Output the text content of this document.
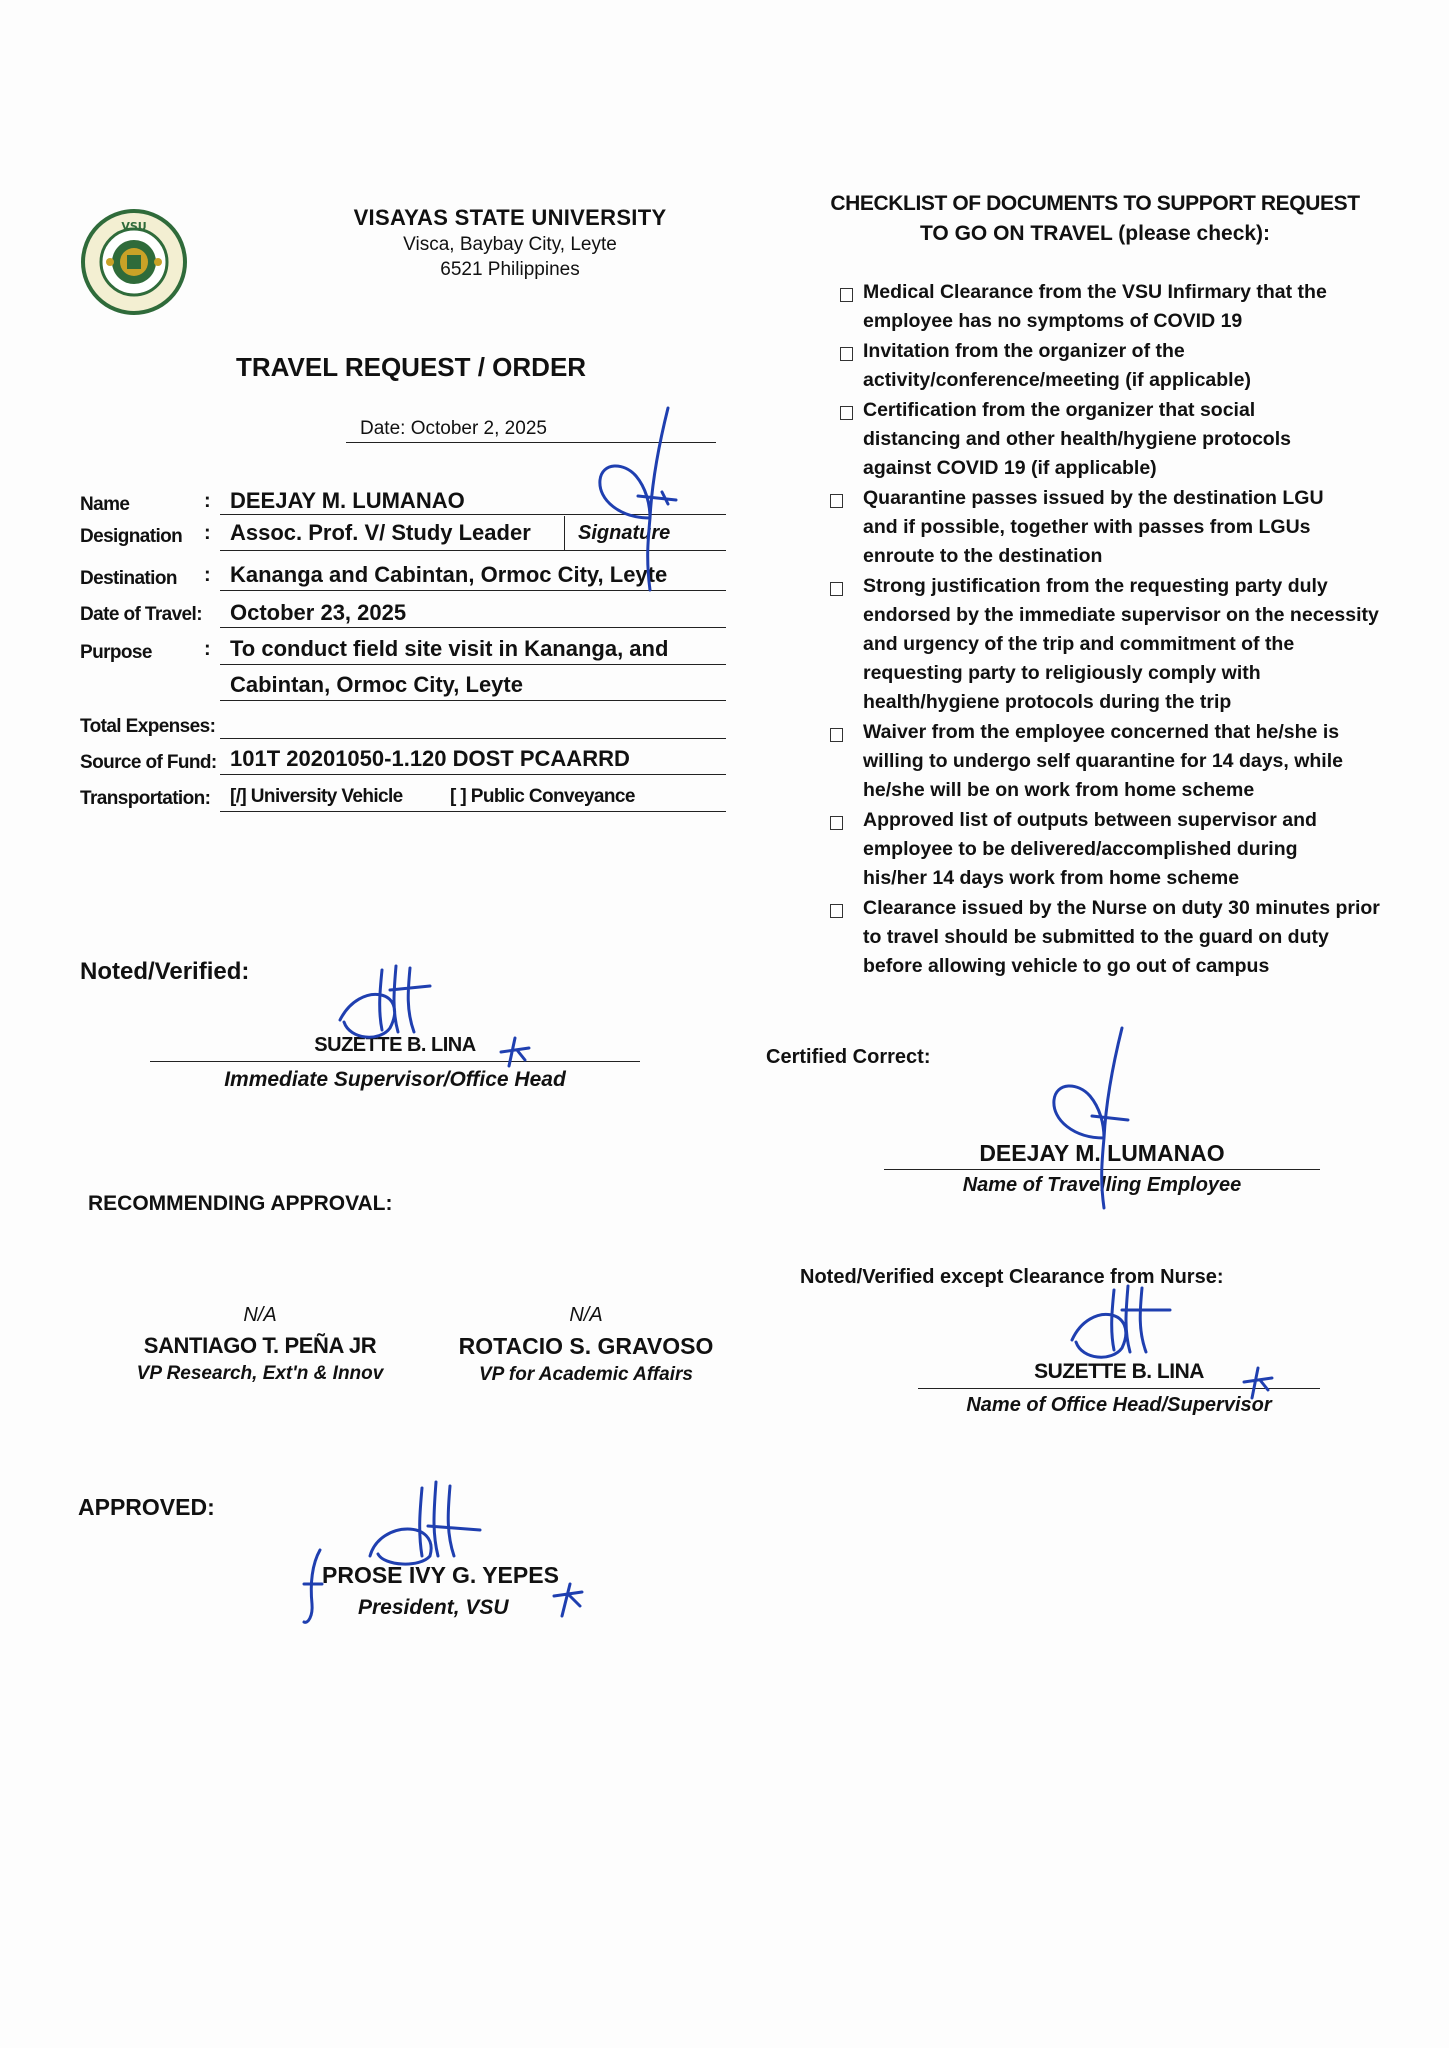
VSU	VISAYAS STATE UNIVERSITY
Visca, Baybay City, Leyte
6521 Philippines
TRAVEL REQUEST / ORDER
Date: October 2, 2025
Name	: DEEJAY M. LUMANAO
Designation : Assoc. Prof. V/ Study Leader Signature
Destination : Kananga and Cabintan, Ormoc City, Leyte
Date of Travel: October 23, 2025
Purpose	: To conduct field site visit in Kananga, and
Cabintan, Ormoc City, Leyte
Total Expenses:
Source of Fund: 101T 20201050-1.120 DOST PCAARRD
Transportation: [/] University Vehicle [ ] Public Conveyance
Noted/Verified:
SUZETTE B. LINA
Immediate Supervisor/Office Head
RECOMMENDING APPROVAL:
N/A
SANTIAGO T. PEÑA JR
VP Research, Ext'n & Innov
N/A
ROTACIO S. GRAVOSO
VP for Academic Affairs
APPROVED:
PROSE IVY G. YEPES
President, VSU
CHECKLIST OF DOCUMENTS TO SUPPORT REQUEST
TO GO ON TRAVEL (please check):
Medical Clearance from the VSU Infirmary that the employee has no symptoms of COVID 19
Invitation from the organizer of the activity/conference/meeting (if applicable)
Certification from the organizer that social distancing and other health/hygiene protocols against COVID 19 (if applicable)
Quarantine passes issued by the destination LGU and if possible, together with passes from LGUs enroute to the destination
Strong justification from the requesting party duly endorsed by the immediate supervisor on the necessity and urgency of the trip and commitment of the requesting party to religiously comply with health/hygiene protocols during the trip
Waiver from the employee concerned that he/she is willing to undergo self quarantine for 14 days, while he/she will be on work from home scheme
Approved list of outputs between supervisor and employee to be delivered/accomplished during his/her 14 days work from home scheme
Clearance issued by the Nurse on duty 30 minutes prior to travel should be submitted to the guard on duty before allowing vehicle to go out of campus
Certified Correct:
DEEJAY M. LUMANAO
Name of Travelling Employee
Noted/Verified except Clearance from Nurse:
SUZETTE B. LINA
Name of Office Head/Supervisor
